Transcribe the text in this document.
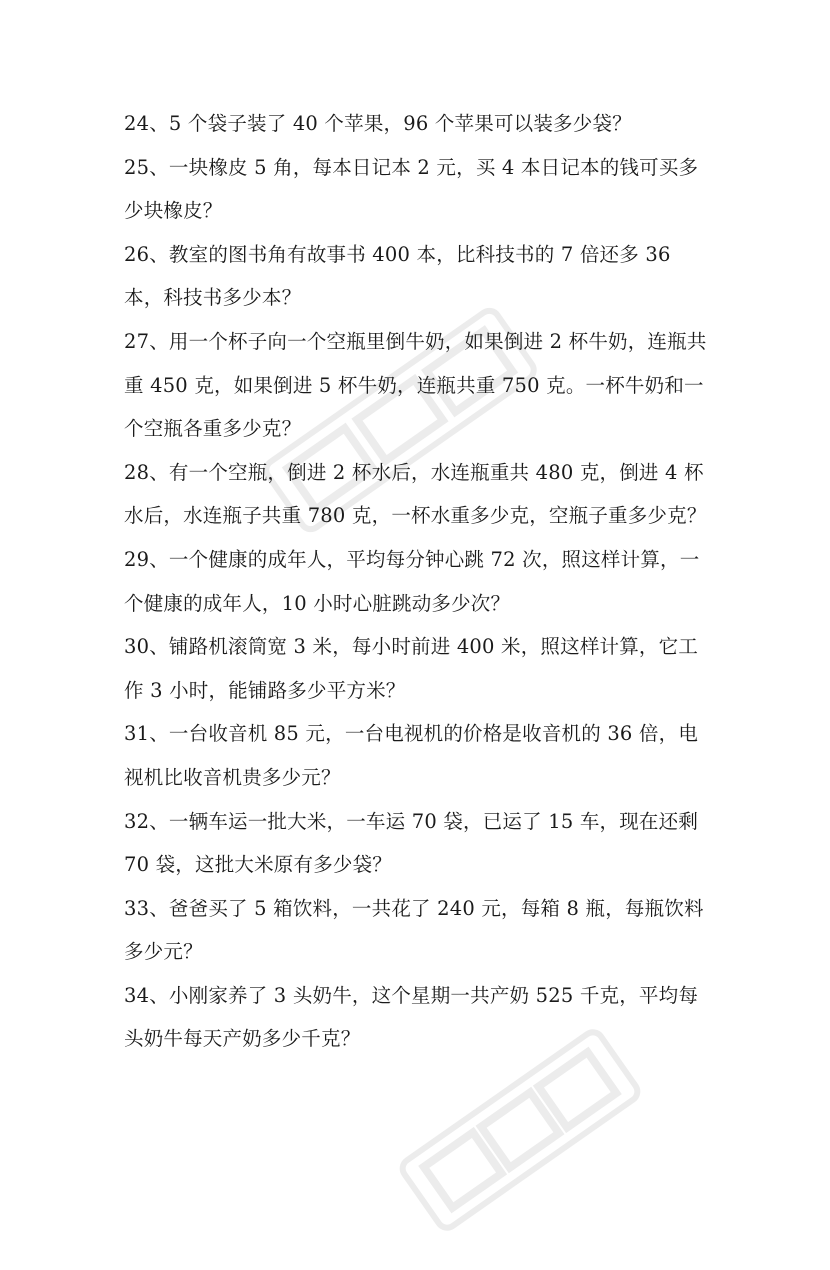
24、5 个袋子装了 40 个苹果，96 个苹果可以装多少袋？

25、一块橡皮 5 角，每本日记本 2 元，买 4 本日记本的钱可买多少块橡皮？

26、教室的图书角有故事书 400 本，比科技书的 7 倍还多 36 本，科技书多少本？

27、用一个杯子向一个空瓶里倒牛奶，如果倒进 2 杯牛奶，连瓶共重 450 克，如果倒进 5 杯牛奶，连瓶共重 750 克。一杯牛奶和一个空瓶各重多少克？

28、有一个空瓶，倒进 2 杯水后，水连瓶重共 480 克，倒进 4 杯水后，水连瓶子共重 780 克，一杯水重多少克，空瓶子重多少克？

29、一个健康的成年人，平均每分钟心跳 72 次，照这样计算，一个健康的成年人，10 小时心脏跳动多少次？

30、铺路机滚筒宽 3 米，每小时前进 400 米，照这样计算，它工作 3 小时，能铺路多少平方米？

31、一台收音机 85 元，一台电视机的价格是收音机的 36 倍，电视机比收音机贵多少元？

32、一辆车运一批大米，一车运 70 袋，已运了 15 车，现在还剩 70 袋，这批大米原有多少袋？

33、爸爸买了 5 箱饮料，一共花了 240 元，每箱 8 瓶，每瓶饮料多少元？

34、小刚家养了 3 头奶牛，这个星期一共产奶 525 千克，平均每头奶牛每天产奶多少千克？
